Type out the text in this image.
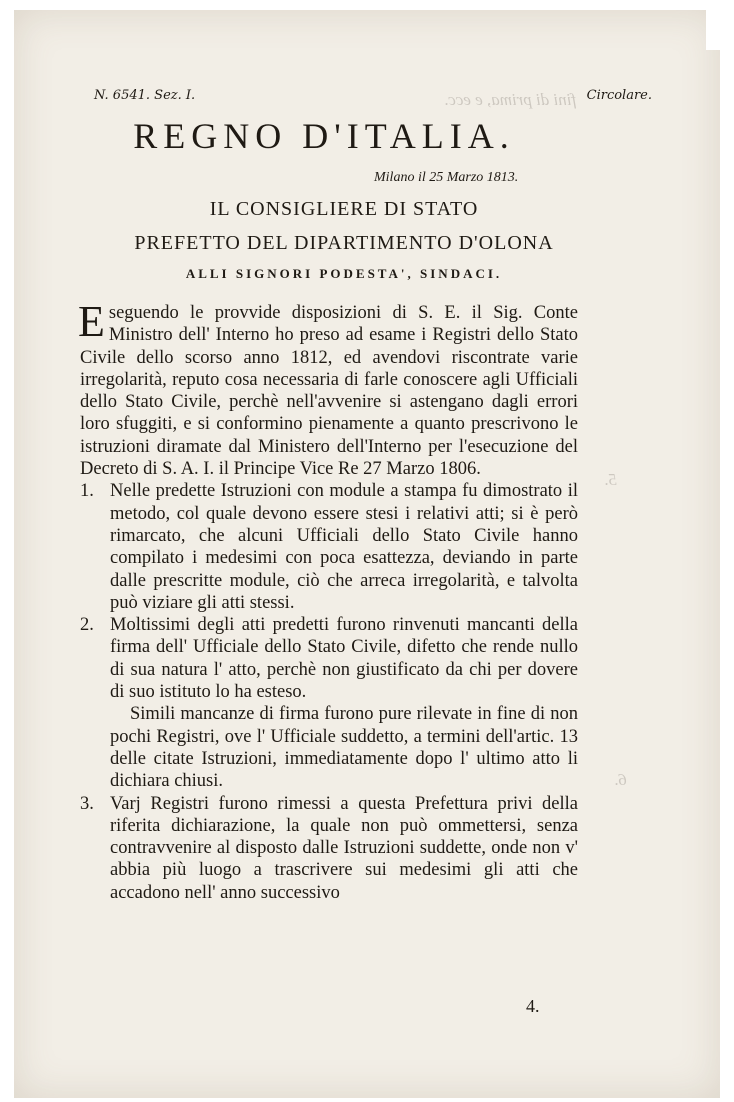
fini di prima, e ecc.
5.
6.
N. 6541. Sez. I.	Circolare.
REGNO D'ITALIA.
Milano il 25 Marzo 1813.
IL CONSIGLIERE DI STATO
PREFETTO DEL DIPARTIMENTO D'OLONA
ALLI SIGNORI PODESTA', SINDACI.

Eseguendo le provvide disposizioni di S. E. il Sig. Conte Ministro dell' Interno ho preso ad esame i Registri dello Stato Civile dello scorso anno 1812, ed avendovi riscontrate varie irregolarità, reputo cosa necessaria di farle conoscere agli Ufficiali dello Stato Civile, perchè nell'avvenire si astengano dagli errori loro sfuggiti, e si conformino pienamente a quanto prescrivono le istruzioni diramate dal Ministero dell'Interno per l'esecuzione del Decreto di S. A. I. il Principe Vice Re 27 Marzo 1806.

1. Nelle predette Istruzioni con module a stampa fu dimostrato il metodo, col quale devono essere stesi i relativi atti; si è però rimarcato, che alcuni Ufficiali dello Stato Civile hanno compilato i medesimi con poca esattezza, deviando in parte dalle prescritte module, ciò che arreca irregolarità, e talvolta può viziare gli atti stessi.

2. Moltissimi degli atti predetti furono rinvenuti mancanti della firma dell' Ufficiale dello Stato Civile, difetto che rende nullo di sua natura l' atto, perchè non giustificato da chi per dovere di suo istituto lo ha esteso.

Simili mancanze di firma furono pure rilevate in fine di non pochi Registri, ove l' Ufficiale suddetto, a termini dell'artic. 13 delle citate Istruzioni, immediatamente dopo l' ultimo atto li dichiara chiusi.

3. Varj Registri furono rimessi a questa Prefettura privi della riferita dichiarazione, la quale non può ommettersi, senza contravvenire al disposto dalle Istruzioni suddette, onde non v' abbia più luogo a trascrivere sui medesimi gli atti che accadono nell' anno successivo

4.
